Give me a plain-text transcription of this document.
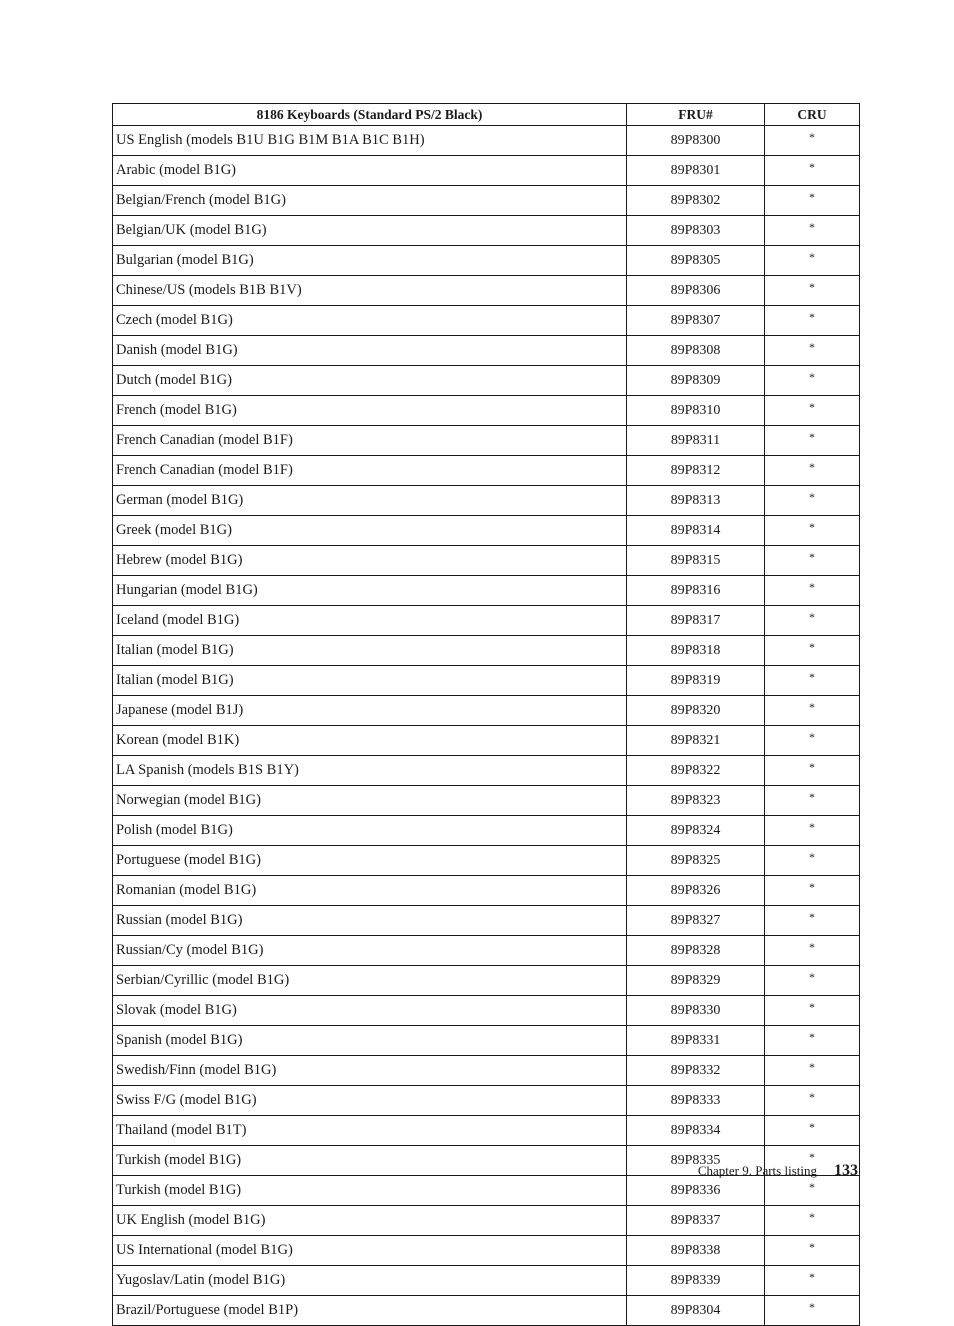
8186 Keyboards (Standard PS/2 Black)	FRU#	CRU
US English (models B1U B1G B1M B1A B1C B1H)	89P8300	*
Arabic (model B1G)	89P8301	*
Belgian/French (model B1G)	89P8302	*
Belgian/UK (model B1G)	89P8303	*
Bulgarian (model B1G)	89P8305	*
Chinese/US (models B1B B1V)	89P8306	*
Czech (model B1G)	89P8307	*
Danish (model B1G)	89P8308	*
Dutch (model B1G)	89P8309	*
French (model B1G)	89P8310	*
French Canadian (model B1F)	89P8311	*
French Canadian (model B1F)	89P8312	*
German (model B1G)	89P8313	*
Greek (model B1G)	89P8314	*
Hebrew (model B1G)	89P8315	*
Hungarian (model B1G)	89P8316	*
Iceland (model B1G)	89P8317	*
Italian (model B1G)	89P8318	*
Italian (model B1G)	89P8319	*
Japanese (model B1J)	89P8320	*
Korean (model B1K)	89P8321	*
LA Spanish (models B1S B1Y)	89P8322	*
Norwegian (model B1G)	89P8323	*
Polish (model B1G)	89P8324	*
Portuguese (model B1G)	89P8325	*
Romanian (model B1G)	89P8326	*
Russian (model B1G)	89P8327	*
Russian/Cy (model B1G)	89P8328	*
Serbian/Cyrillic (model B1G)	89P8329	*
Slovak (model B1G)	89P8330	*
Spanish (model B1G)	89P8331	*
Swedish/Finn (model B1G)	89P8332	*
Swiss F/G (model B1G)	89P8333	*
Thailand (model B1T)	89P8334	*
Turkish (model B1G)	89P8335	*
Turkish (model B1G)	89P8336	*
UK English (model B1G)	89P8337	*
US International (model B1G)	89P8338	*
Yugoslav/Latin (model B1G)	89P8339	*
Brazil/Portuguese (model B1P)	89P8304	*
Chapter 9. Parts listing 133
